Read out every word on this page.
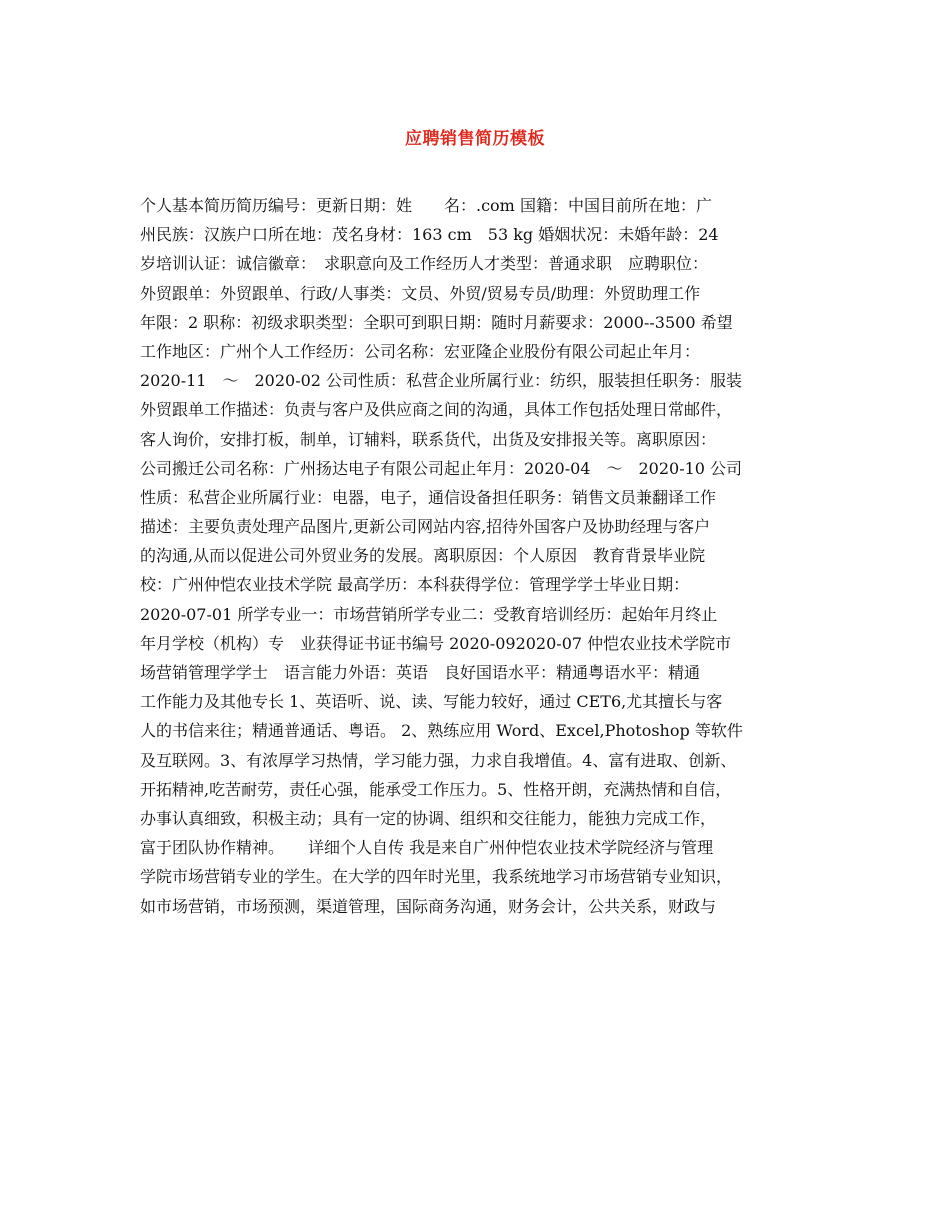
应聘销售简历模板
个人基本简历简历编号：更新日期：姓　　名：.com 国籍：中国目前所在地：广
州民族：汉族户口所在地：茂名身材：163 cm　53 kg 婚姻状况：未婚年龄：24
岁培训认证：诚信徽章：　求职意向及工作经历人才类型：普通求职　应聘职位：
外贸跟单：外贸跟单、行政/人事类：文员、外贸/贸易专员/助理：外贸助理工作
年限：2 职称：初级求职类型：全职可到职日期：随时月薪要求：2000--3500 希望
工作地区：广州个人工作经历：公司名称：宏亚隆企业股份有限公司起止年月：
2020-11　～　2020-02 公司性质：私营企业所属行业：纺织，服装担任职务：服装
外贸跟单工作描述：负责与客户及供应商之间的沟通，具体工作包括处理日常邮件，
客人询价，安排打板，制单，订辅料，联系货代，出货及安排报关等。离职原因：
公司搬迁公司名称：广州扬达电子有限公司起止年月：2020-04　～　2020-10 公司
性质：私营企业所属行业：电器，电子，通信设备担任职务：销售文员兼翻译工作
描述：主要负责处理产品图片,更新公司网站内容,招待外国客户及协助经理与客户
的沟通,从而以促进公司外贸业务的发展。离职原因：个人原因　教育背景毕业院
校：广州仲恺农业技术学院 最高学历：本科获得学位：管理学学士毕业日期：
2020-07-01 所学专业一：市场营销所学专业二：受教育培训经历：起始年月终止
年月学校（机构）专　业获得证书证书编号 2020-092020-07 仲恺农业技术学院市
场营销管理学学士　语言能力外语：英语　良好国语水平：精通粤语水平：精通
工作能力及其他专长 1、英语听、说、读、写能力较好，通过 CET6,尤其擅长与客
人的书信来往；精通普通话、粤语。 2、熟练应用 Word、Excel,Photoshop 等软件
及互联网。3、有浓厚学习热情，学习能力强，力求自我增值。4、富有进取、创新、
开拓精神,吃苦耐劳，责任心强，能承受工作压力。5、性格开朗，充满热情和自信，
办事认真细致，积极主动；具有一定的协调、组织和交往能力，能独力完成工作，
富于团队协作精神。　　详细个人自传 我是来自广州仲恺农业技术学院经济与管理
学院市场营销专业的学生。在大学的四年时光里，我系统地学习市场营销专业知识，
如市场营销，市场预测，渠道管理，国际商务沟通，财务会计，公共关系，财政与
